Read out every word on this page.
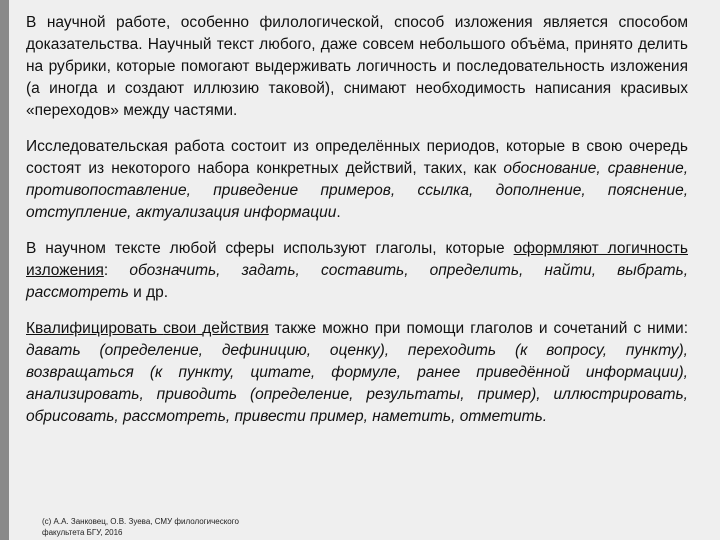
В научной работе, особенно филологической, способ изложения является способом доказательства. Научный текст любого, даже совсем небольшого объёма, принято делить на рубрики, которые помогают выдерживать логичность и последовательность изложения (а иногда и создают иллюзию таковой), снимают необходимость написания красивых «переходов» между частями.

Исследовательская работа состоит из определённых периодов, которые в свою очередь состоят из некоторого набора конкретных действий, таких, как обоснование, сравнение, противопоставление, приведение примеров, ссылка, дополнение, пояснение, отступление, актуализация информации.

В научном тексте любой сферы используют глаголы, которые оформляют логичность изложения: обозначить, задать, составить, определить, найти, выбрать, рассмотреть и др.

Квалифицировать свои действия также можно при помощи глаголов и сочетаний с ними: давать (определение, дефиницию, оценку), переходить (к вопросу, пункту), возвращаться (к пункту, цитате, формуле, ранее приведённой информации), анализировать, приводить (определение, результаты, пример), иллюстрировать, обрисовать, рассмотреть, привести пример, наметить, отметить.

(с) А.А. Занковец, О.В. Зуева, СМУ филологического
факультета БГУ, 2016
